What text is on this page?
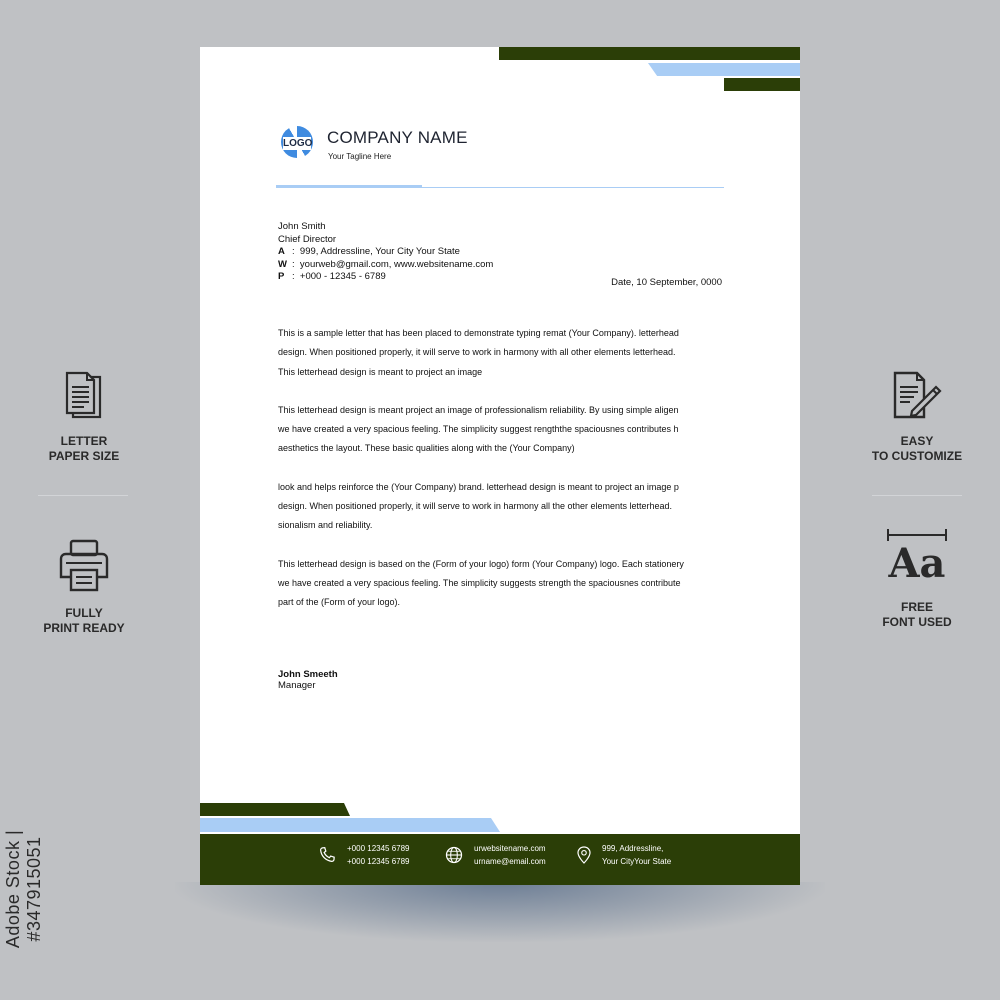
LOGO COMPANY NAME
Your Tagline Here
John Smith
Chief Director
A :  999, Addressline, Your City Your State
W :  yourweb@gmail.com, www.websitename.com
P :  +000 - 12345 - 6789
Date, 10 September, 0000

This is a sample letter that has been placed to demonstrate typing remat (Your Company). letterhead
design. When positioned properly, it will serve to work in harmony with all other elements letterhead.
This letterhead design is meant to project an image

This letterhead design is meant project an image of professionalism reliability. By using simple aligen
we have created a very spacious feeling. The simplicity suggest rengththe spaciousnes contributes h
aesthetics the layout. These basic qualities along with the (Your Company)

look and helps reinforce the (Your Company) brand. letterhead design is meant to project an image p
design. When positioned properly, it will serve to work in harmony all the other elements letterhead.
sionalism and reliability.

This letterhead design is based on the (Form of your logo) form (Your Company) logo. Each stationery
we have created a very spacious feeling. The simplicity suggests strength the spaciousnes contribute
part of the (Form of your logo).

John Smeeth
Manager
+000 12345 6789
+000 12345 6789
urwebsitename.com
urname@email.com
999, Addressline,
Your CityYour State
LETTER
PAPER SIZE
FULLY
PRINT READY
EASY
TO CUSTOMIZE
Aa
FREE
FONT USED
Adobe Stock | #347915051
